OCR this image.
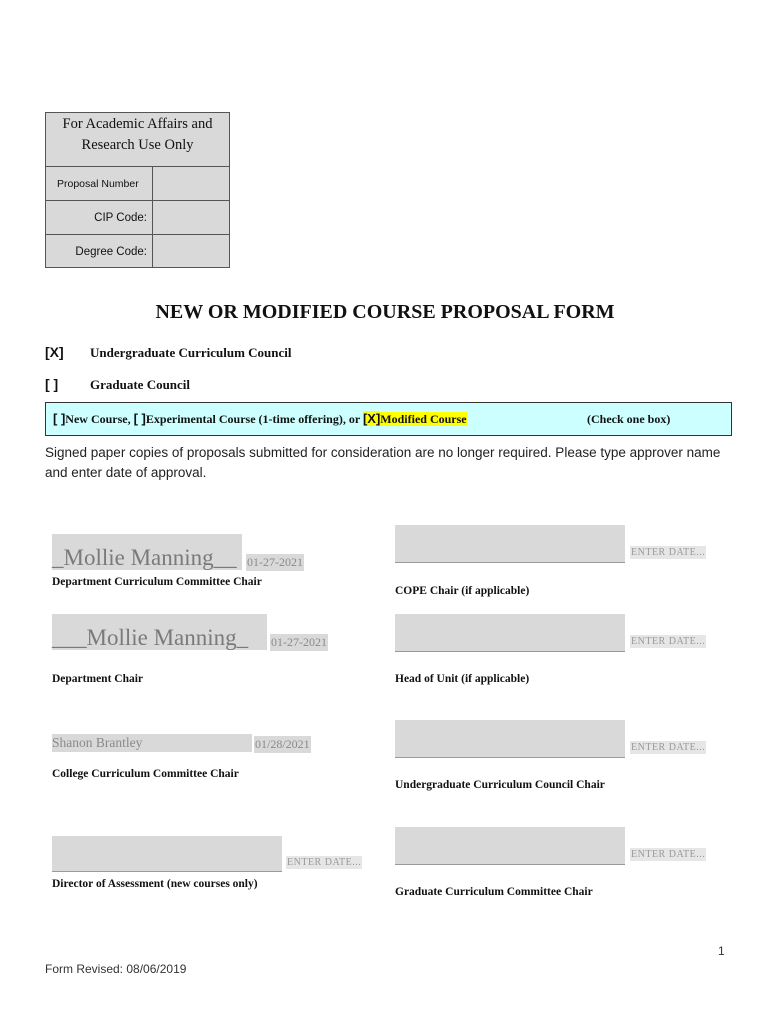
For Academic Affairs and Research Use Only
Proposal Number
CIP Code:
Degree Code:
NEW OR MODIFIED COURSE PROPOSAL FORM
[X] Undergraduate Curriculum Council
[ ] Graduate Council
[ ]New Course, [ ]Experimental Course (1-time offering), or [X]Modified Course	(Check one box)
Signed paper copies of proposals submitted for consideration are no longer required. Please type approver name and enter date of approval.
_Mollie Manning__ 01-27-2021
Department Curriculum Committee Chair
___Mollie Manning_ 01-27-2021
Department Chair
Shanon Brantley	01/28/2021
College Curriculum Committee Chair
ENTER DATE...
Director of Assessment (new courses only)
ENTER DATE...
COPE Chair (if applicable)
ENTER DATE...
Head of Unit (if applicable)
ENTER DATE...
Undergraduate Curriculum Council Chair
ENTER DATE...
Graduate Curriculum Committee Chair
1
Form Revised: 08/06/2019
